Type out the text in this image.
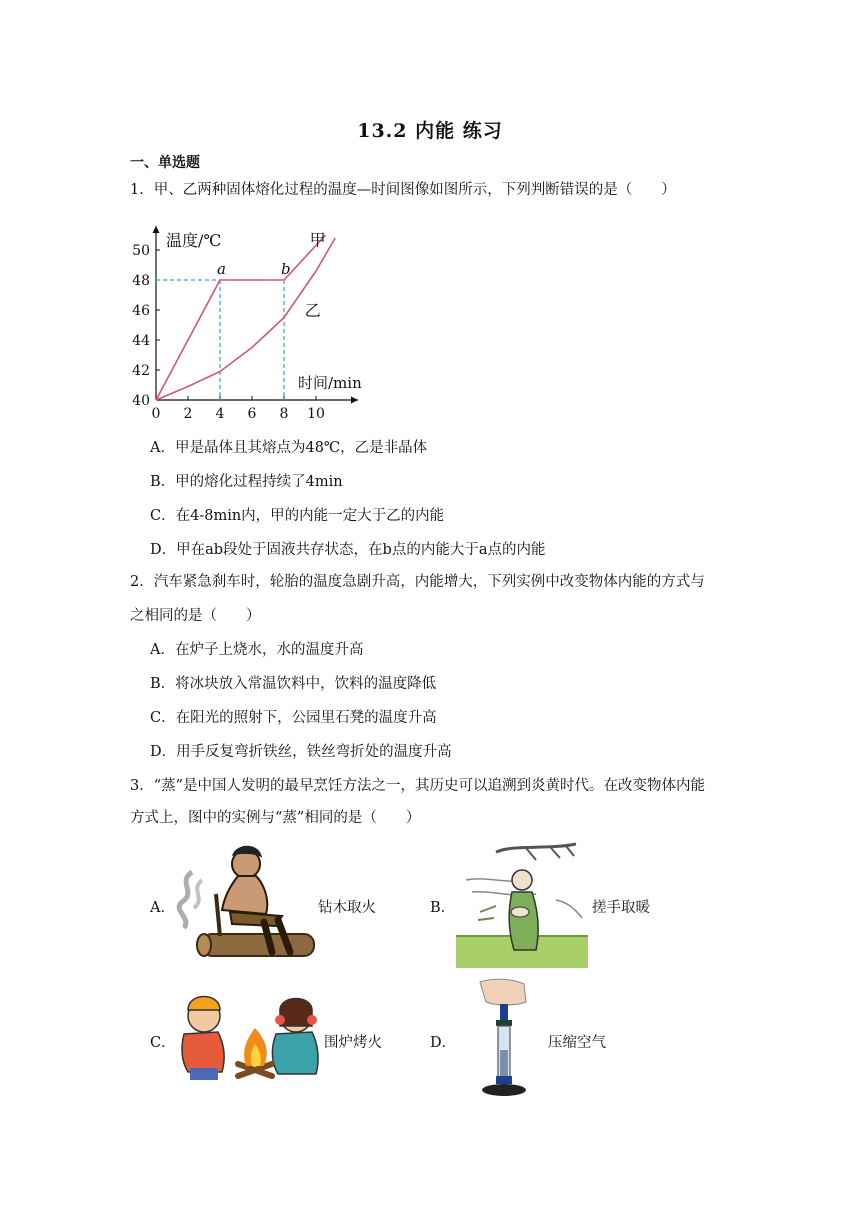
13.2 内能 练习
一、单选题
1．甲、乙两种固体熔化过程的温度—时间图像如图所示，下列判断错误的是（　　）
0 2 4 6 8 10
40
42
44
46
48
50
甲
乙
a	b
温度/℃
时间/min
A．甲是晶体且其熔点为48℃，乙是非晶体
B．甲的熔化过程持续了4min
C．在4-8min内，甲的内能一定大于乙的内能
D．甲在ab段处于固液共存状态，在b点的内能大于a点的内能
2．汽车紧急刹车时，轮胎的温度急剧升高，内能增大，下列实例中改变物体内能的方式与
之相同的是（　　）
A．在炉子上烧水，水的温度升高
B．将冰块放入常温饮料中，饮料的温度降低
C．在阳光的照射下，公园里石凳的温度升高
D．用手反复弯折铁丝，铁丝弯折处的温度升高
3．“蒸”是中国人发明的最早烹饪方法之一，其历史可以追溯到炎黄时代。在改变物体内能
方式上，图中的实例与“蒸”相同的是（　　）
A．	钻木取火	B．	搓手取暖
C．	围炉烤火	D．	压缩空气
